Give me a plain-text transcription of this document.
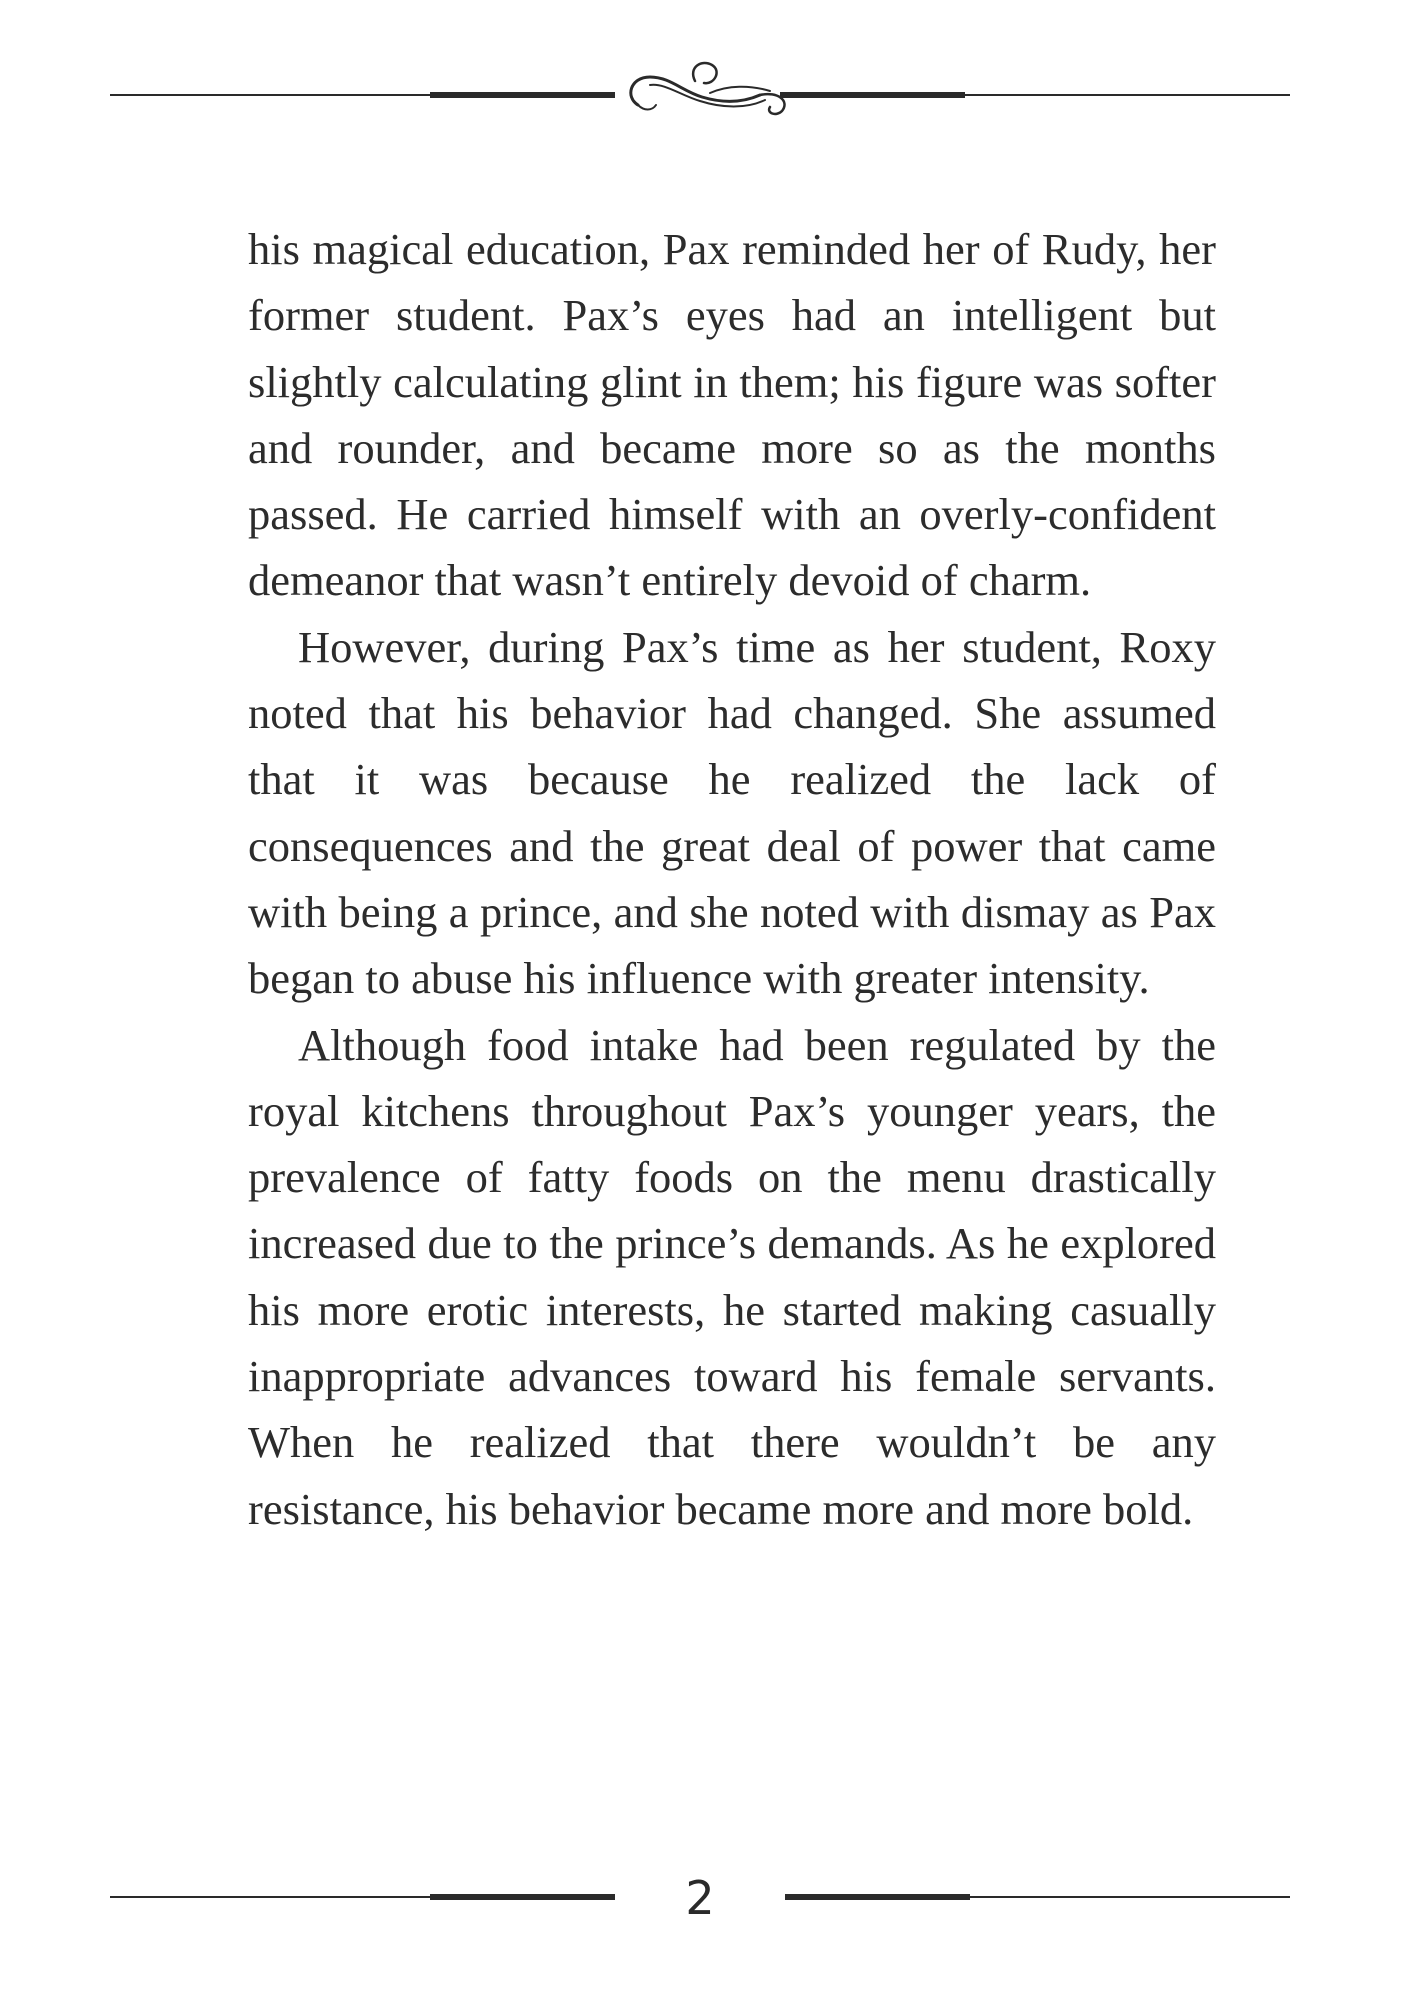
his magical education, Pax reminded her of Rudy, her former student. Pax’s eyes had an intelligent but slightly calculating glint in them; his figure was softer and rounder, and became more so as the months passed. He carried himself with an overly-confident demeanor that wasn’t entirely devoid of charm.

However, during Pax’s time as her student, Roxy noted that his behavior had changed. She assumed that it was because he realized the lack of consequences and the great deal of power that came with being a prince, and she noted with dismay as Pax began to abuse his influence with greater intensity.

Although food intake had been regulated by the royal kitchens throughout Pax’s younger years, the prevalence of fatty foods on the menu drastically increased due to the prince’s demands. As he explored his more erotic interests, he started making casually inappropriate advances toward his female servants. When he realized that there wouldn’t be any resistance, his behavior became more and more bold.

2
